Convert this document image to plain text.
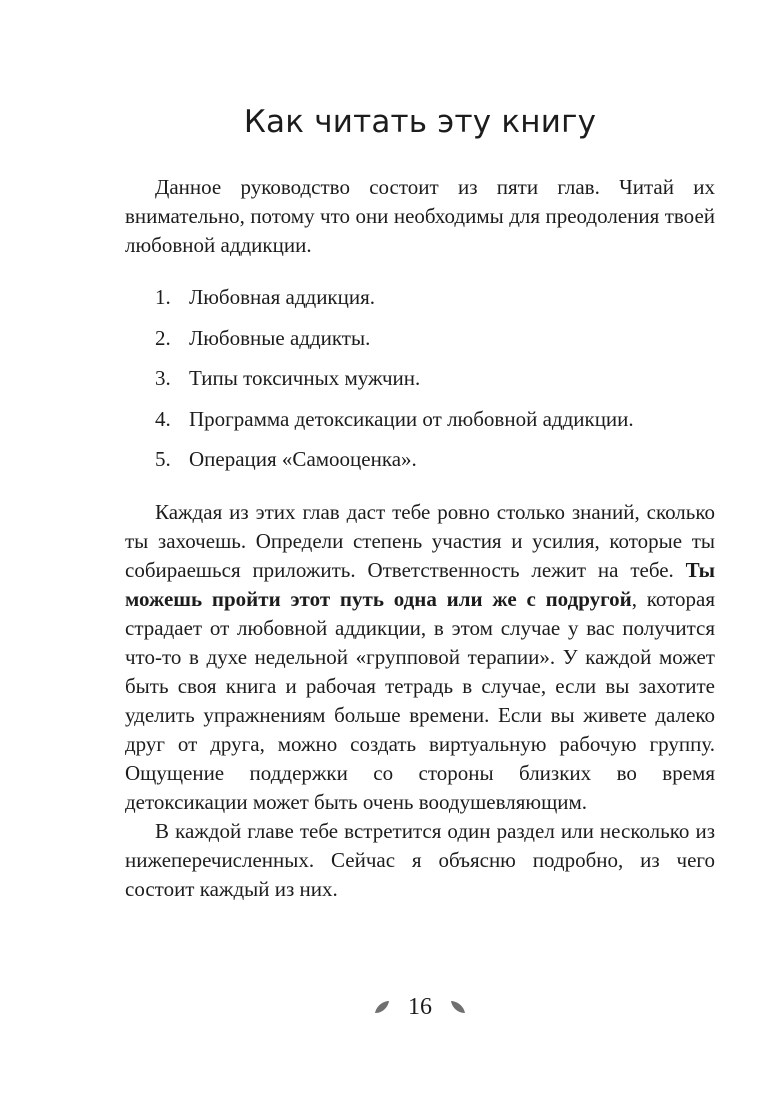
Как читать эту книгу

Данное руководство состоит из пяти глав. Читай их внимательно, потому что они необходимы для преодоления твоей любовной аддикции.

1. Любовная аддикция.
2. Любовные аддикты.
3. Типы токсичных мужчин.
4. Программа детоксикации от любовной аддикции.
5. Операция «Самооценка».

Каждая из этих глав даст тебе ровно столько знаний, сколько ты захочешь. Определи степень участия и усилия, которые ты собираешься приложить. Ответственность лежит на тебе. Ты можешь пройти этот путь одна или же с подругой, которая страдает от любовной аддикции, в этом случае у вас получится что-то в духе недельной «групповой терапии». У каждой может быть своя книга и рабочая тетрадь в случае, если вы захотите уделить упражнениям больше времени. Если вы живете далеко друг от друга, можно создать виртуальную рабочую группу. Ощущение поддержки со стороны близких во время детоксикации может быть очень воодушевляющим.

В каждой главе тебе встретится один раздел или несколько из нижеперечисленных. Сейчас я объясню подробно, из чего состоит каждый из них.

16
